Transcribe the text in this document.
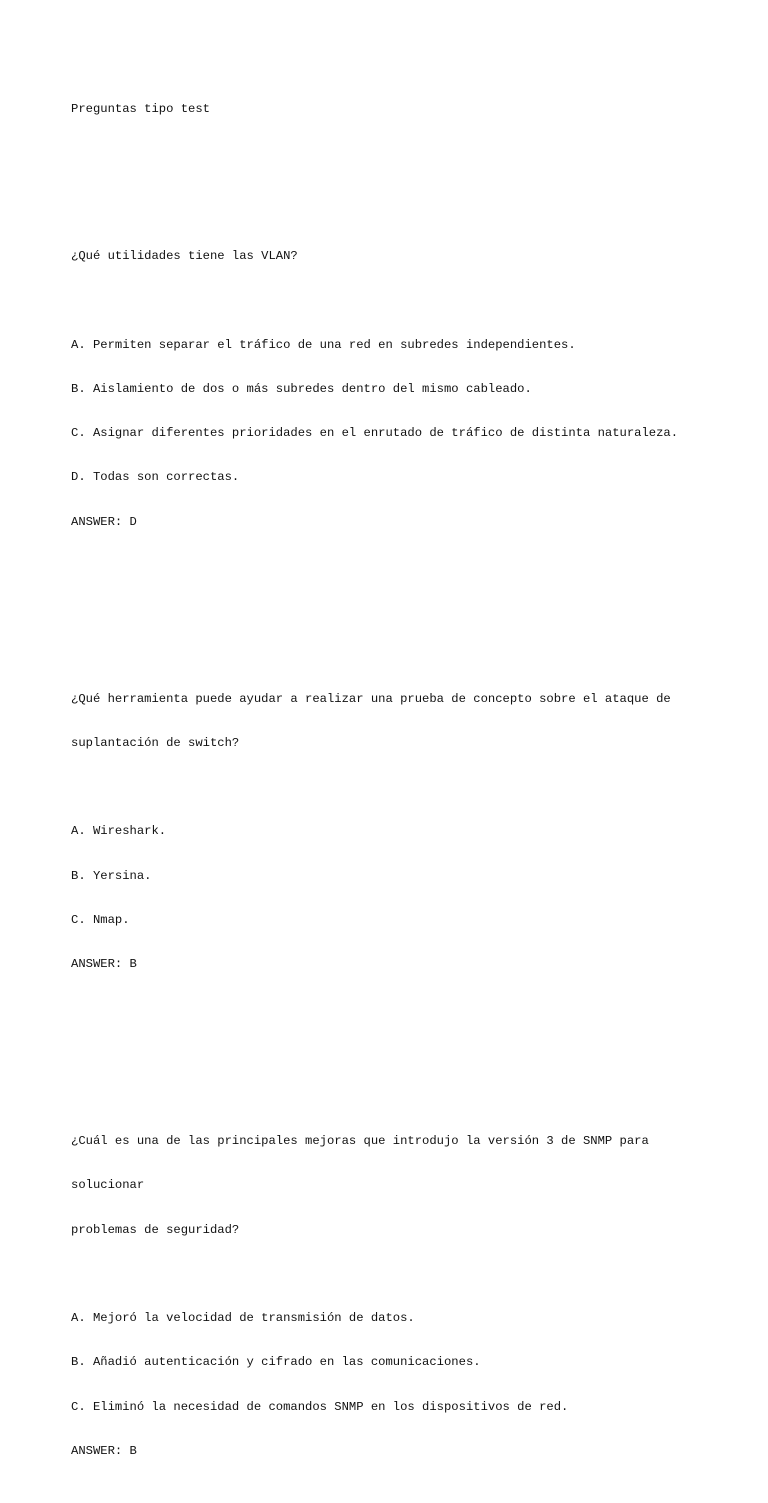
Preguntas tipo test

¿Qué utilidades tiene las VLAN?

A. Permiten separar el tráfico de una red en subredes independientes.

B. Aislamiento de dos o más subredes dentro del mismo cableado.

C. Asignar diferentes prioridades en el enrutado de tráfico de distinta naturaleza.

D. Todas son correctas.

ANSWER: D

¿Qué herramienta puede ayudar a realizar una prueba de concepto sobre el ataque de

suplantación de switch?

A. Wireshark.

B. Yersina.

C. Nmap.

ANSWER: B

¿Cuál es una de las principales mejoras que introdujo la versión 3 de SNMP para

solucionar

problemas de seguridad?

A. Mejoró la velocidad de transmisión de datos.

B. Añadió autenticación y cifrado en las comunicaciones.

C. Eliminó la necesidad de comandos SNMP en los dispositivos de red.

ANSWER: B
